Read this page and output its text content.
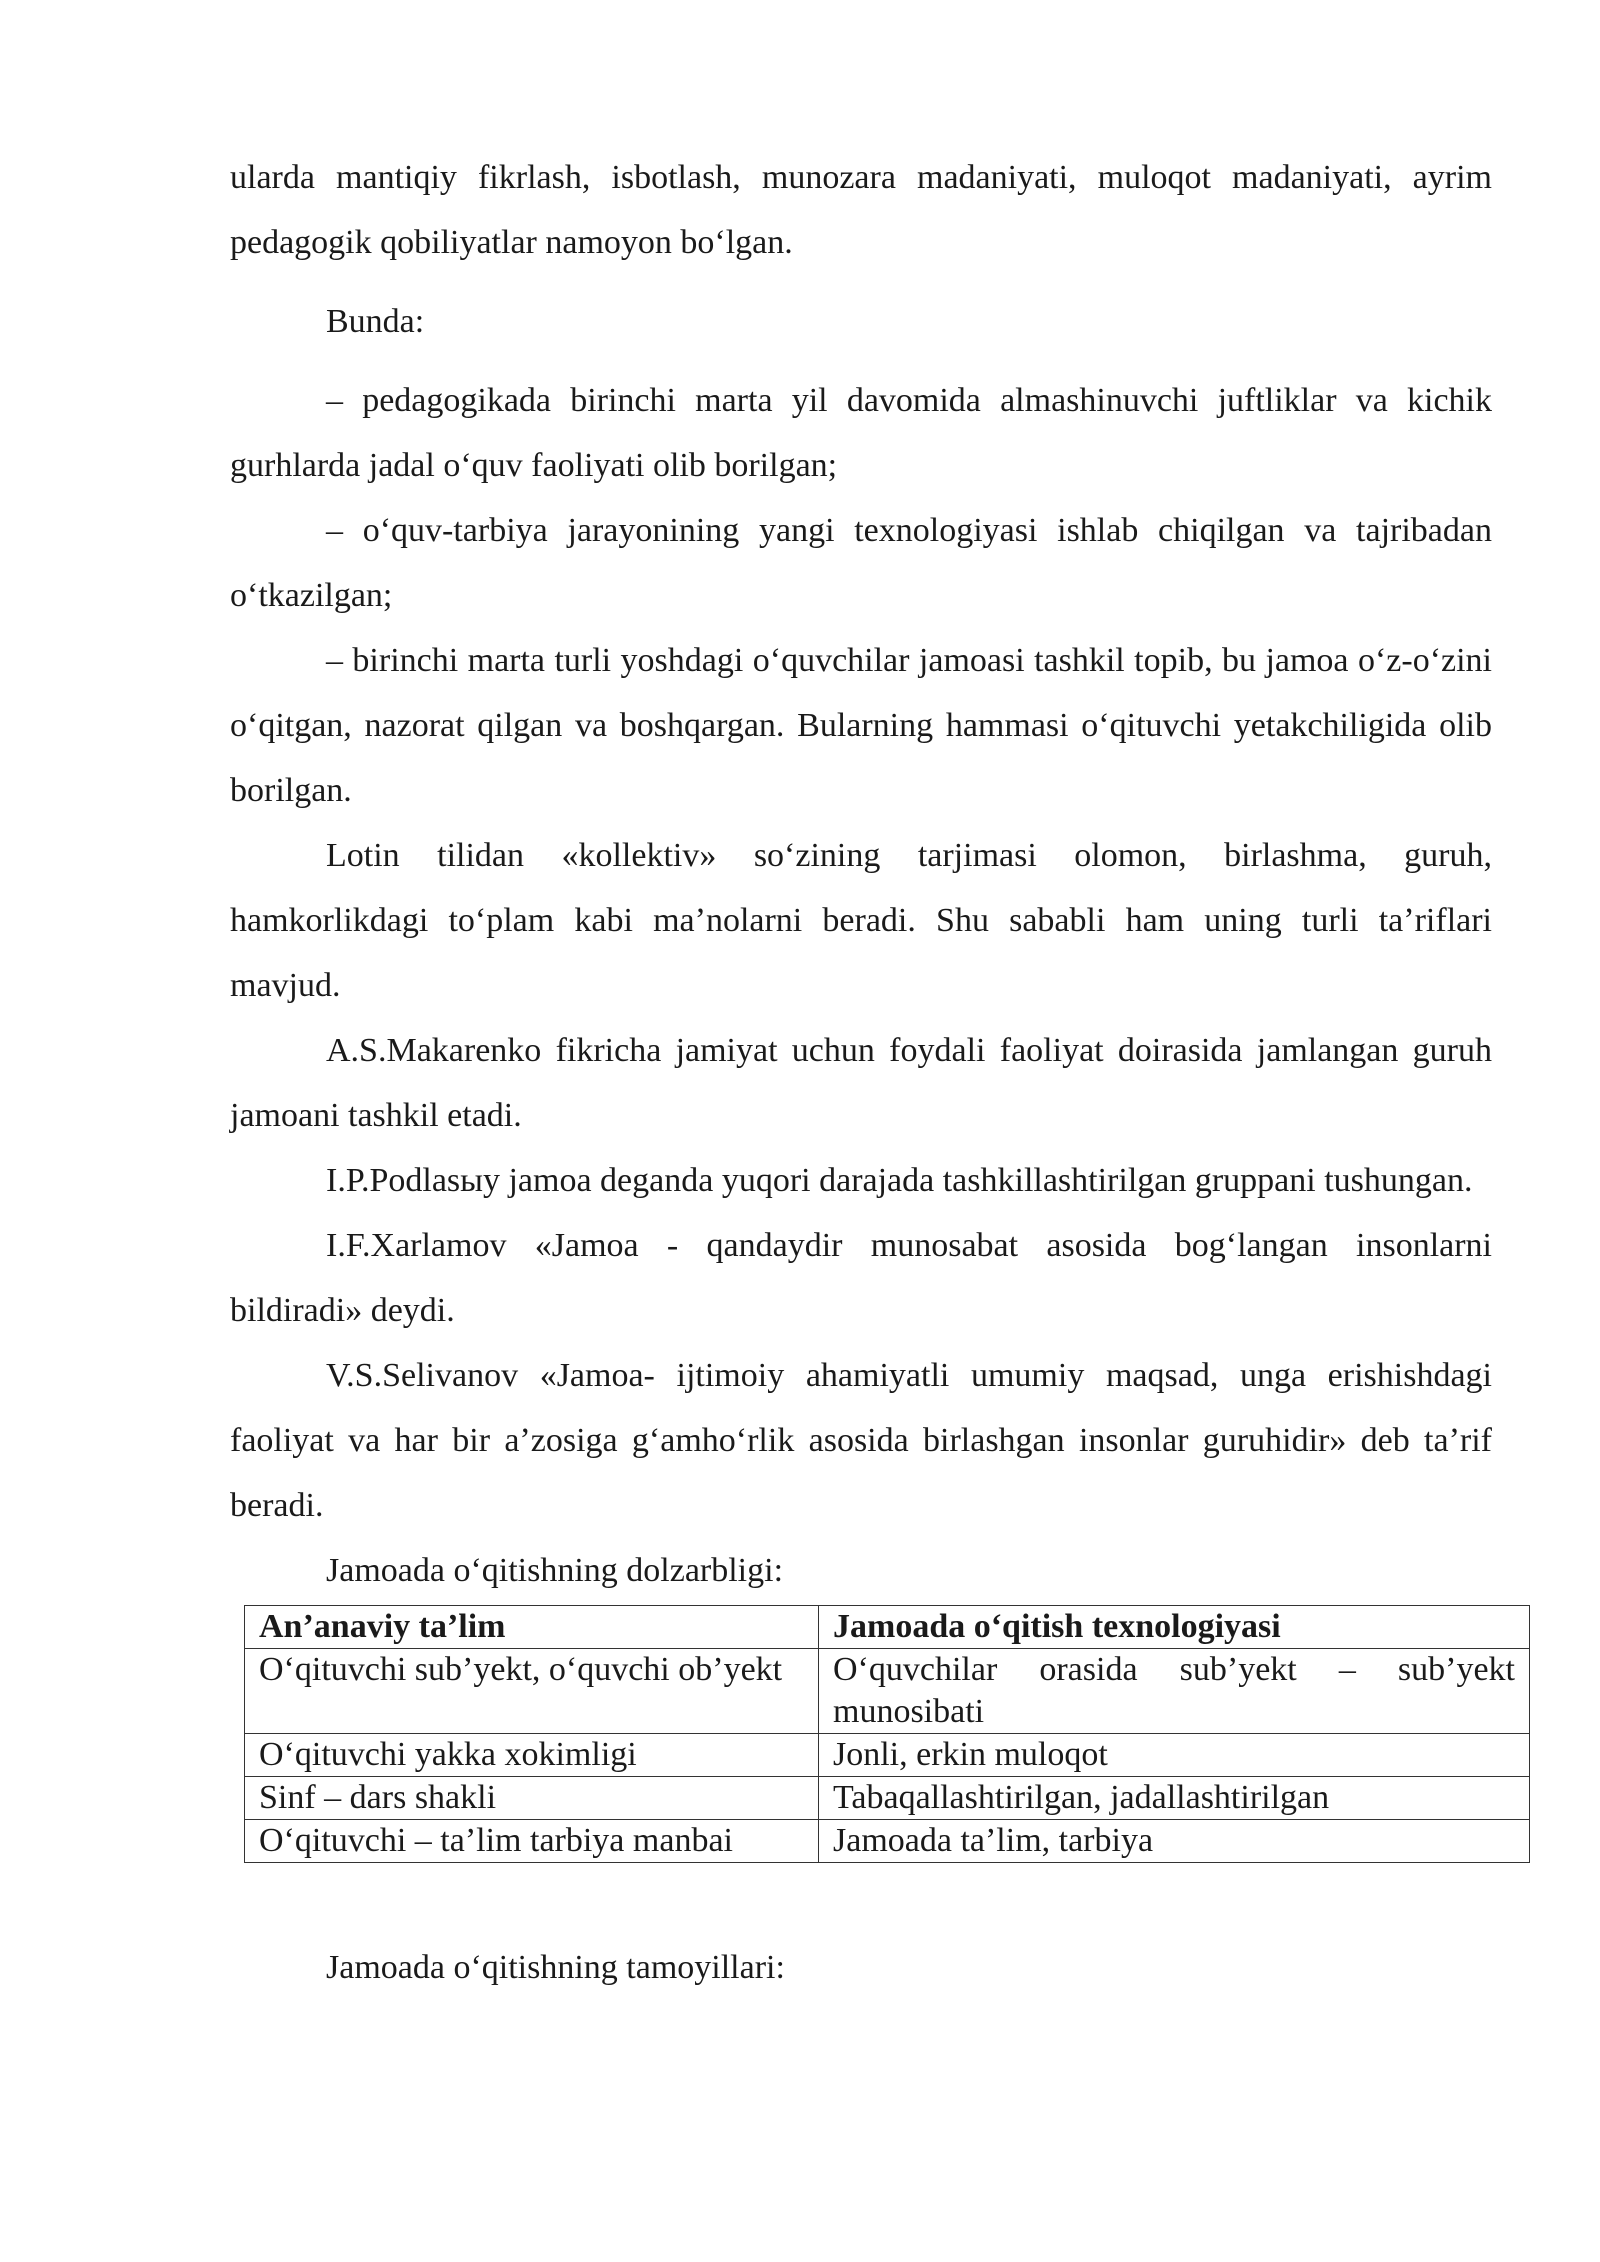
ularda mantiqiy fikrlash, isbotlash, munozara madaniyati, muloqot madaniyati, ayrim pedagogik qobiliyatlar namoyon boʻlgan.

Bunda:

– pedagogikada birinchi marta yil davomida almashinuvchi juftliklar va kichik gurhlarda jadal oʻquv faoliyati olib borilgan;

– oʻquv-tarbiya jarayonining yangi texnologiyasi ishlab chiqilgan va tajribadan oʻtkazilgan;

– birinchi marta turli yoshdagi oʻquvchilar jamoasi tashkil topib, bu jamoa oʻz-oʻzini oʻqitgan, nazorat qilgan va boshqargan. Bularning hammasi oʻqituvchi yetakchiligida olib borilgan.

Lotin tilidan «kollektiv» soʻzining tarjimasi olomon, birlashma, guruh, hamkorlikdagi toʻplam kabi maʼnolarni beradi. Shu sababli ham uning turli taʼriflari mavjud.

A.S.Makarenko fikricha jamiyat uchun foydali faoliyat doirasida jamlangan guruh jamoani tashkil etadi.

I.P.Podlasыy jamoa deganda yuqori darajada tashkillashtirilgan gruppani tushungan.

I.F.Xarlamov «Jamoa - qandaydir munosabat asosida bogʻlangan insonlarni bildiradi» deydi.

V.S.Selivanov «Jamoa- ijtimoiy ahamiyatli umumiy maqsad, unga erishishdagi faoliyat va har bir aʼzosiga gʻamhoʻrlik asosida birlashgan insonlar guruhidir» deb taʼrif beradi.

Jamoada oʻqitishning dolzarbligi:

An’anaviy ta’lim	Jamoada o‘qitish texnologiyasi
O‘qituvchi sub’yekt, o‘quvchi ob’yekt	O‘quvchilar orasida sub’yekt – sub’yekt munosibati
O‘qituvchi yakka xokimligi	Jonli, erkin muloqot
Sinf – dars shakli	Tabaqallashtirilgan, jadallashtirilgan
O‘qituvchi – ta’lim tarbiya manbai	Jamoada ta’lim, tarbiya

Jamoada oʻqitishning tamoyillari:
